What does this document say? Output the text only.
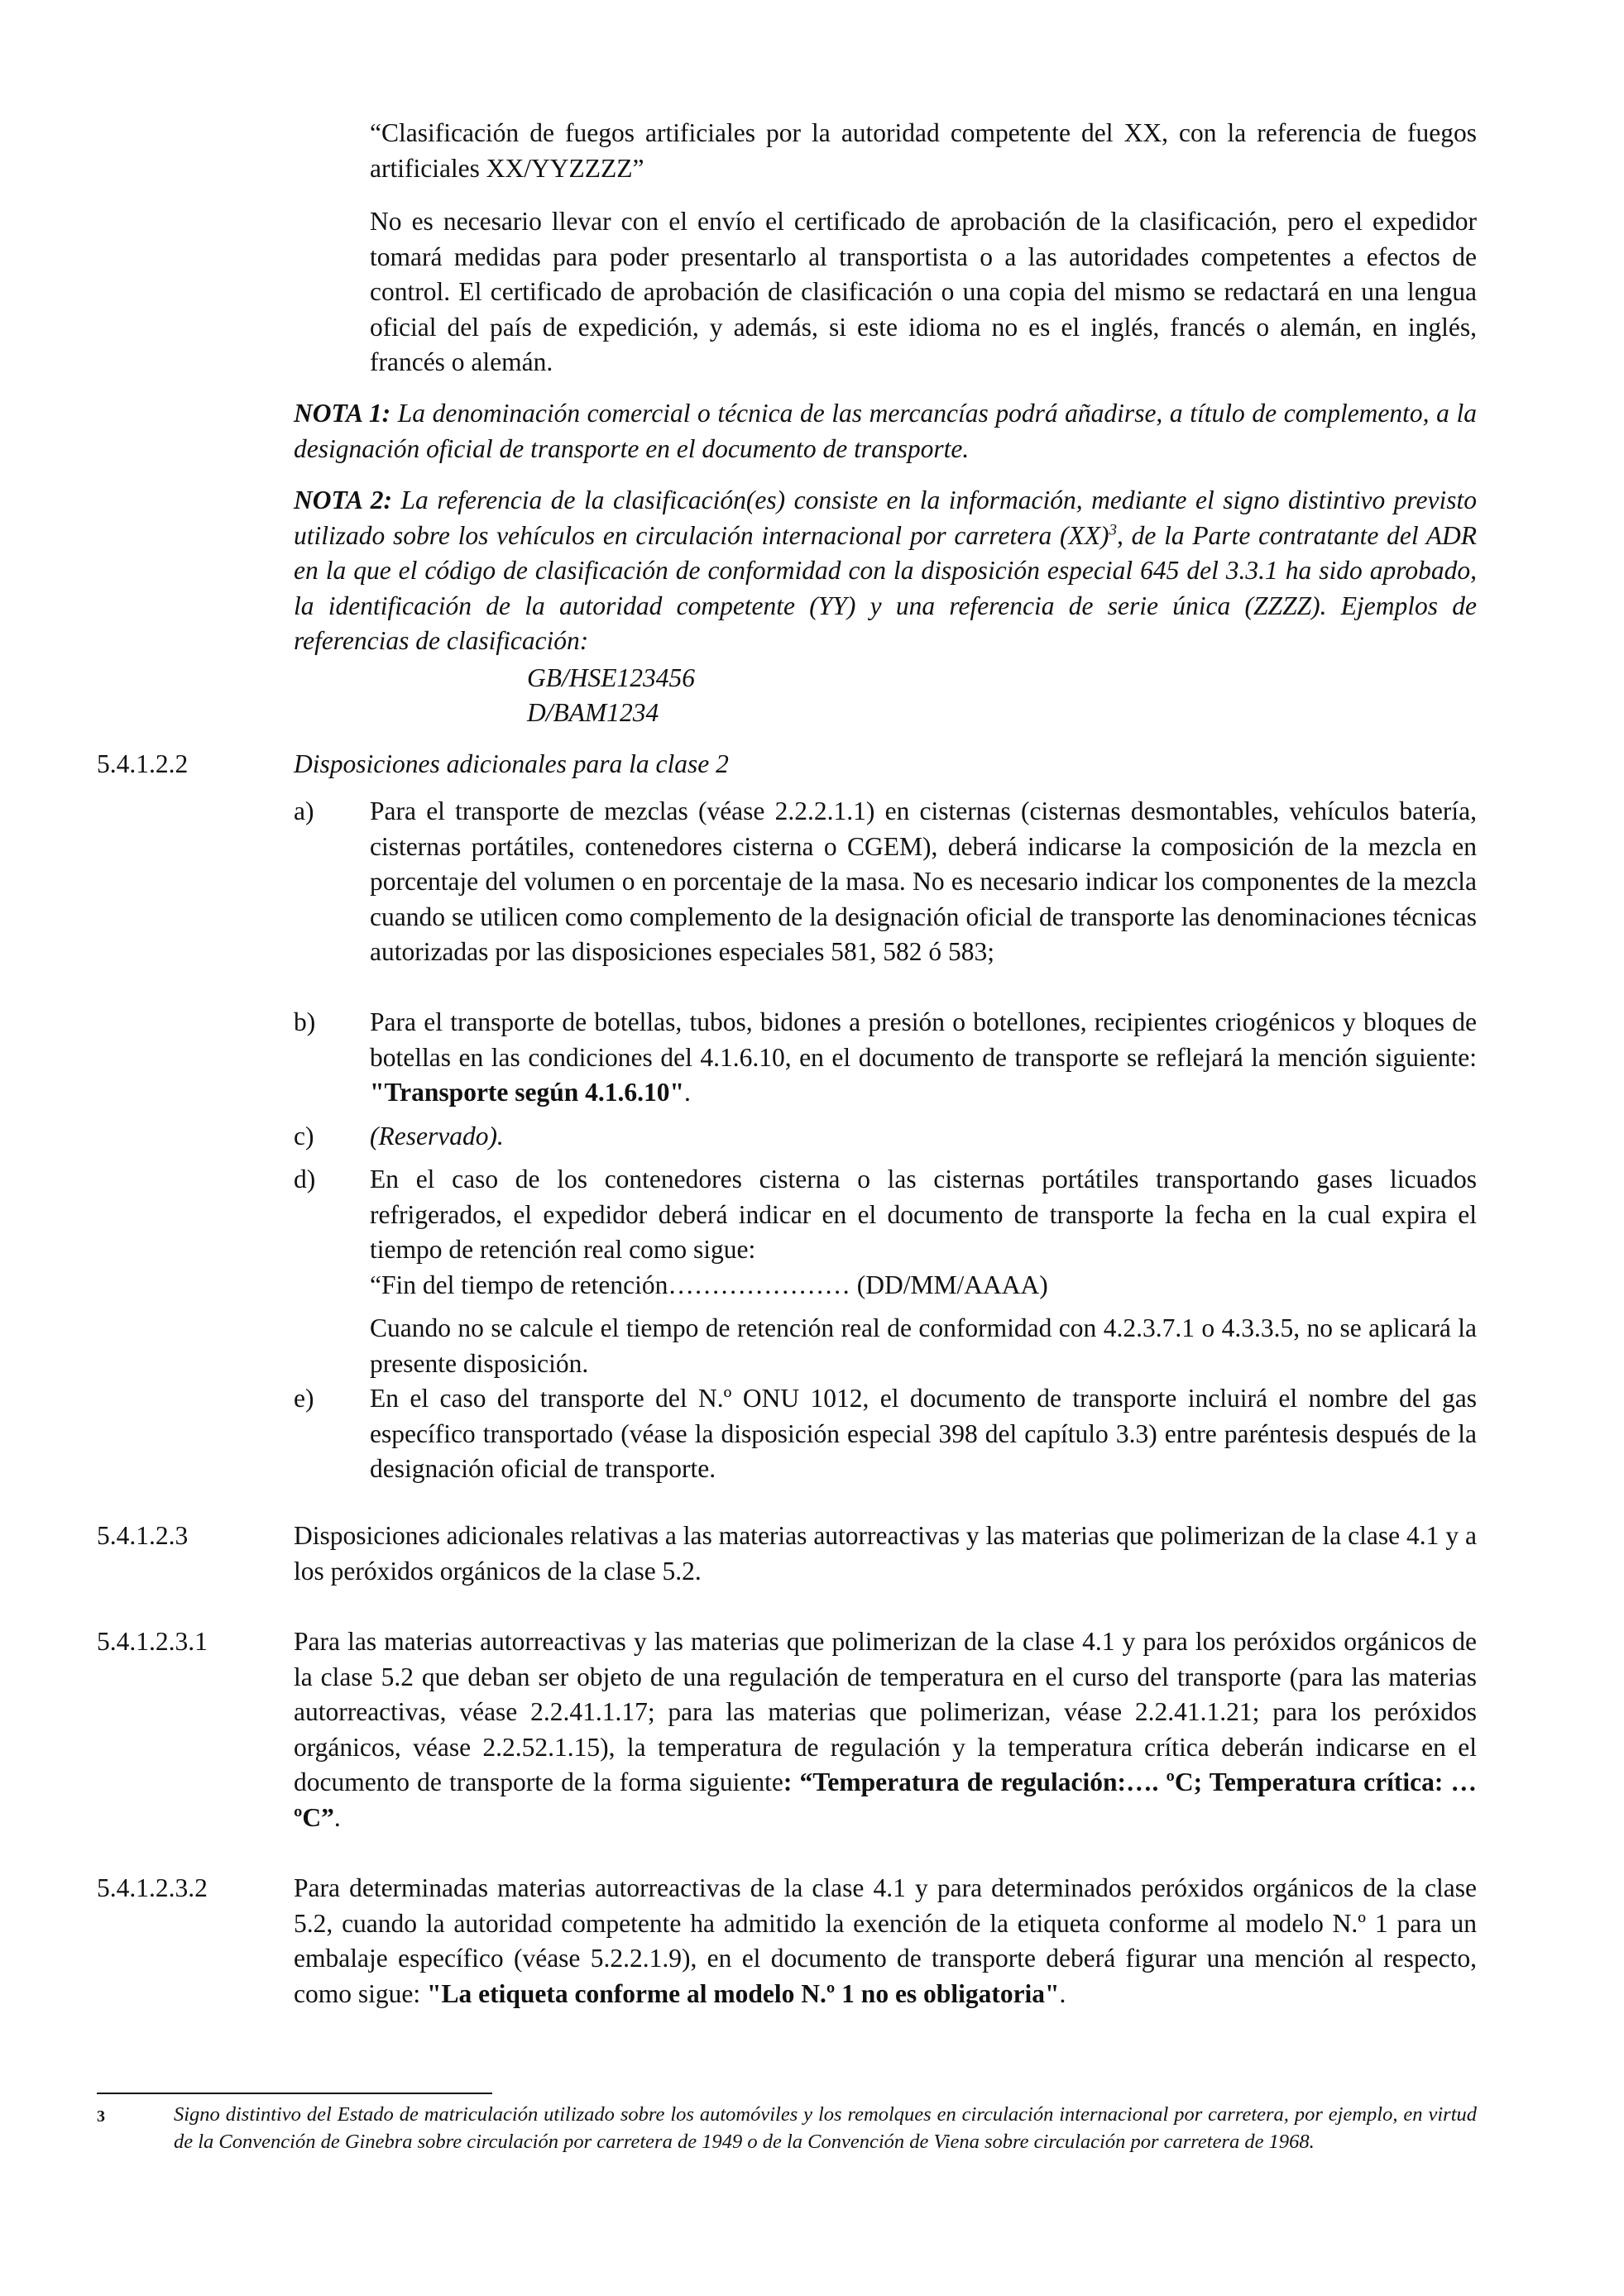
“Clasificación de fuegos artificiales por la autoridad competente del XX, con la referencia de fuegos artificiales XX/YYZZZZ”

No es necesario llevar con el envío el certificado de aprobación de la clasificación, pero el expedidor tomará medidas para poder presentarlo al transportista o a las autoridades competentes a efectos de control. El certificado de aprobación de clasificación o una copia del mismo se redactará en una lengua oficial del país de expedición, y además, si este idioma no es el inglés, francés o alemán, en inglés, francés o alemán.

NOTA 1: La denominación comercial o técnica de las mercancías podrá añadirse, a título de complemento, a la designación oficial de transporte en el documento de transporte.

NOTA 2: La referencia de la clasificación(es) consiste en la información, mediante el signo distintivo previsto utilizado sobre los vehículos en circulación internacional por carretera (XX)$^3$, de la Parte contratante del ADR en la que el código de clasificación de conformidad con la disposición especial 645 del 3.3.1 ha sido aprobado, la identificación de la autoridad competente (YY) y una referencia de serie única (ZZZZ). Ejemplos de referencias de clasificación:

GB/HSE123456
D/BAM1234
5.4.1.2.2	Disposiciones adicionales para la clase 2
a) Para el transporte de mezclas (véase 2.2.2.1.1) en cisternas (cisternas desmontables, vehículos batería, cisternas portátiles, contenedores cisterna o CGEM), deberá indicarse la composición de la mezcla en porcentaje del volumen o en porcentaje de la masa. No es necesario indicar los componentes de la mezcla cuando se utilicen como complemento de la designación oficial de transporte las denominaciones técnicas autorizadas por las disposiciones especiales 581, 582 ó 583;

b) Para el transporte de botellas, tubos, bidones a presión o botellones, recipientes criogénicos y bloques de botellas en las condiciones del 4.1.6.10, en el documento de transporte se reflejará la mención siguiente: "Transporte según 4.1.6.10".

c) (Reservado).

d) En el caso de los contenedores cisterna o las cisternas portátiles transportando gases licuados refrigerados, el expedidor deberá indicar en el documento de transporte la fecha en la cual expira el tiempo de retención real como sigue:

“Fin del tiempo de retención………………… (DD/MM/AAAA)

Cuando no se calcule el tiempo de retención real de conformidad con 4.2.3.7.1 o 4.3.3.5, no se aplicará la presente disposición.

e) En el caso del transporte del N.º ONU 1012, el documento de transporte incluirá el nombre del gas específico transportado (véase la disposición especial 398 del capítulo 3.3) entre paréntesis después de la designación oficial de transporte.

5.4.1.2.3	Disposiciones adicionales relativas a las materias autorreactivas y las materias que polimerizan de la clase 4.1 y a los peróxidos orgánicos de la clase 5.2.

5.4.1.2.3.1	Para las materias autorreactivas y las materias que polimerizan de la clase 4.1 y para los peróxidos orgánicos de la clase 5.2 que deban ser objeto de una regulación de temperatura en el curso del transporte (para las materias autorreactivas, véase 2.2.41.1.17; para las materias que polimerizan, véase 2.2.41.1.21; para los peróxidos orgánicos, véase 2.2.52.1.15), la temperatura de regulación y la temperatura crítica deberán indicarse en el documento de transporte de la forma siguiente: “Temperatura de regulación:…. ºC; Temperatura crítica: … ºC”.

5.4.1.2.3.2	Para determinadas materias autorreactivas de la clase 4.1 y para determinados peróxidos orgánicos de la clase 5.2, cuando la autoridad competente ha admitido la exención de la etiqueta conforme al modelo N.º 1 para un embalaje específico (véase 5.2.2.1.9), en el documento de transporte deberá figurar una mención al respecto, como sigue: "La etiqueta conforme al modelo N.º 1 no es obligatoria".

3	Signo distintivo del Estado de matriculación utilizado sobre los automóviles y los remolques en circulación internacional por carretera, por ejemplo, en virtud de la Convención de Ginebra sobre circulación por carretera de 1949 o de la Convención de Viena sobre circulación por carretera de 1968.
